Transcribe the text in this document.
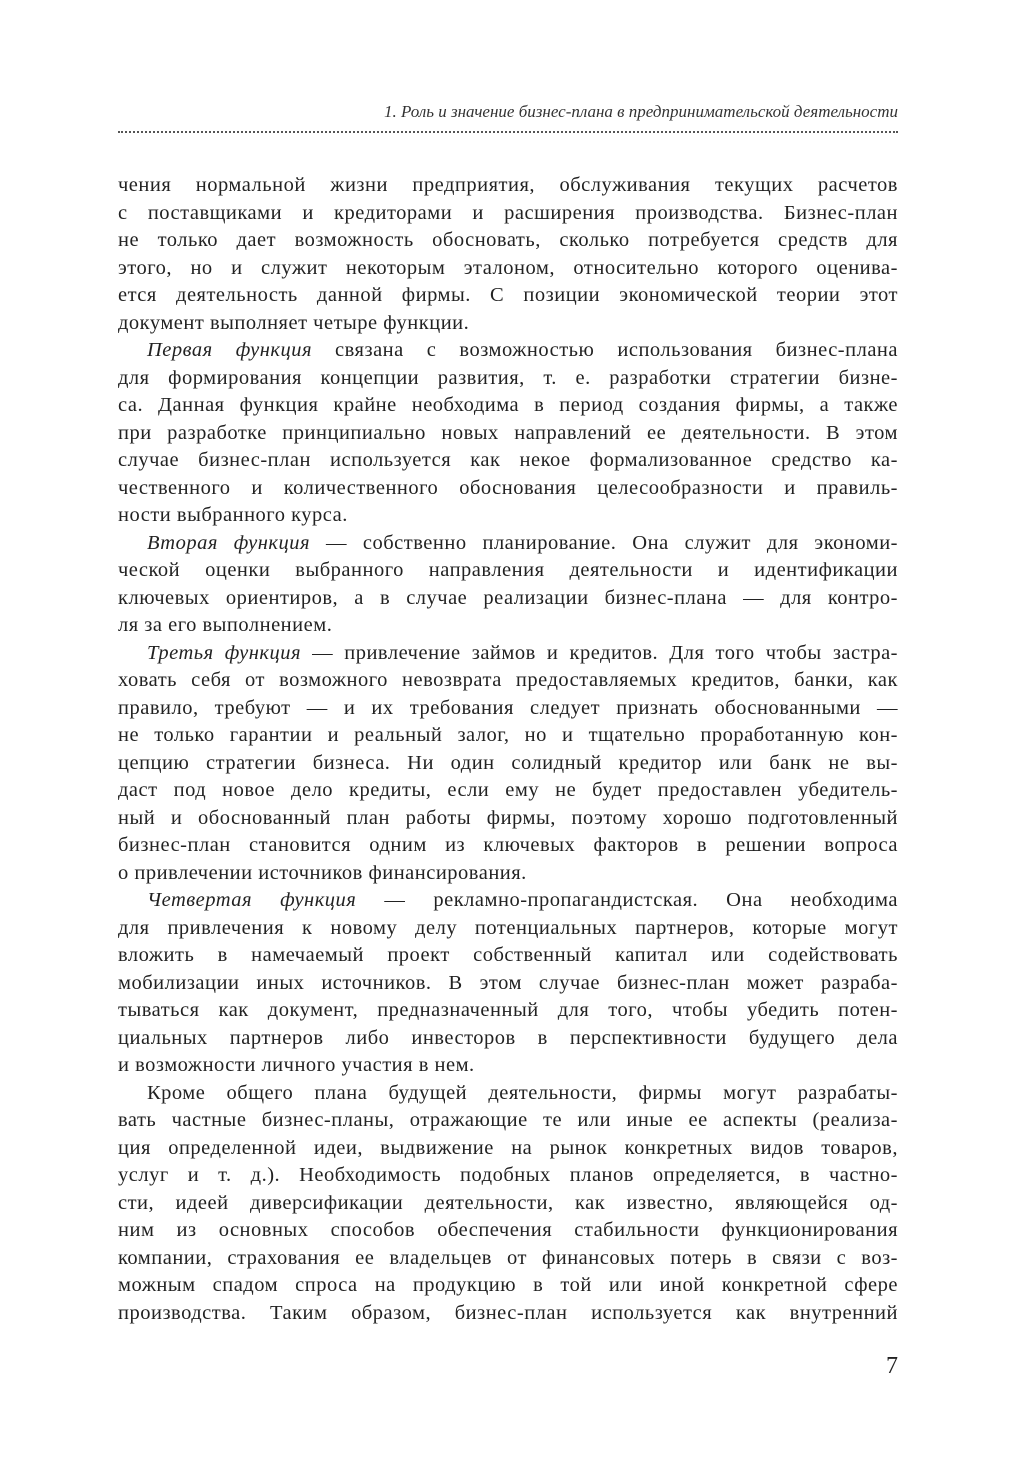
1. Роль и значение бизнес-плана в предпринимательской деятельности

чения нормальной жизни предприятия, обслуживания текущих расчетов

с поставщиками и кредиторами и расширения производства. Бизнес-план

не только дает возможность обосновать, сколько потребуется средств для

этого, но и служит некоторым эталоном, относительно которого оценива-

ется деятельность данной фирмы. С позиции экономической теории этот

документ выполняет четыре функции.

Первая функция связана с возможностью использования бизнес-плана

для формирования концепции развития, т. е. разработки стратегии бизне-

са. Данная функция крайне необходима в период создания фирмы, а также

при разработке принципиально новых направлений ее деятельности. В этом

случае бизнес-план используется как некое формализованное средство ка-

чественного и количественного обоснования целесообразности и правиль-

ности выбранного курса.

Вторая функция — собственно планирование. Она служит для экономи-

ческой оценки выбранного направления деятельности и идентификации

ключевых ориентиров, а в случае реализации бизнес-плана — для контро-

ля за его выполнением.

Третья функция — привлечение займов и кредитов. Для того чтобы застра-

ховать себя от возможного невозврата предоставляемых кредитов, банки, как

правило, требуют — и их требования следует признать обоснованными —

не только гарантии и реальный залог, но и тщательно проработанную кон-

цепцию стратегии бизнеса. Ни один солидный кредитор или банк не вы-

даст под новое дело кредиты, если ему не будет предоставлен убедитель-

ный и обоснованный план работы фирмы, поэтому хорошо подготовленный

бизнес-план становится одним из ключевых факторов в решении вопроса

о привлечении источников финансирования.

Четвертая функция — рекламно-пропагандистская. Она необходима

для привлечения к новому делу потенциальных партнеров, которые могут

вложить в намечаемый проект собственный капитал или содействовать

мобилизации иных источников. В этом случае бизнес-план может разраба-

тываться как документ, предназначенный для того, чтобы убедить потен-

циальных партнеров либо инвесторов в перспективности будущего дела

и возможности личного участия в нем.

Кроме общего плана будущей деятельности, фирмы могут разрабаты-

вать частные бизнес-планы, отражающие те или иные ее аспекты (реализа-

ция определенной идеи, выдвижение на рынок конкретных видов товаров,

услуг и т. д.). Необходимость подобных планов определяется, в частно-

сти, идеей диверсификации деятельности, как известно, являющейся од-

ним из основных способов обеспечения стабильности функционирования

компании, страхования ее владельцев от финансовых потерь в связи с воз-

можным спадом спроса на продукцию в той или иной конкретной сфере

производства. Таким образом, бизнес-план используется как внутренний

7
